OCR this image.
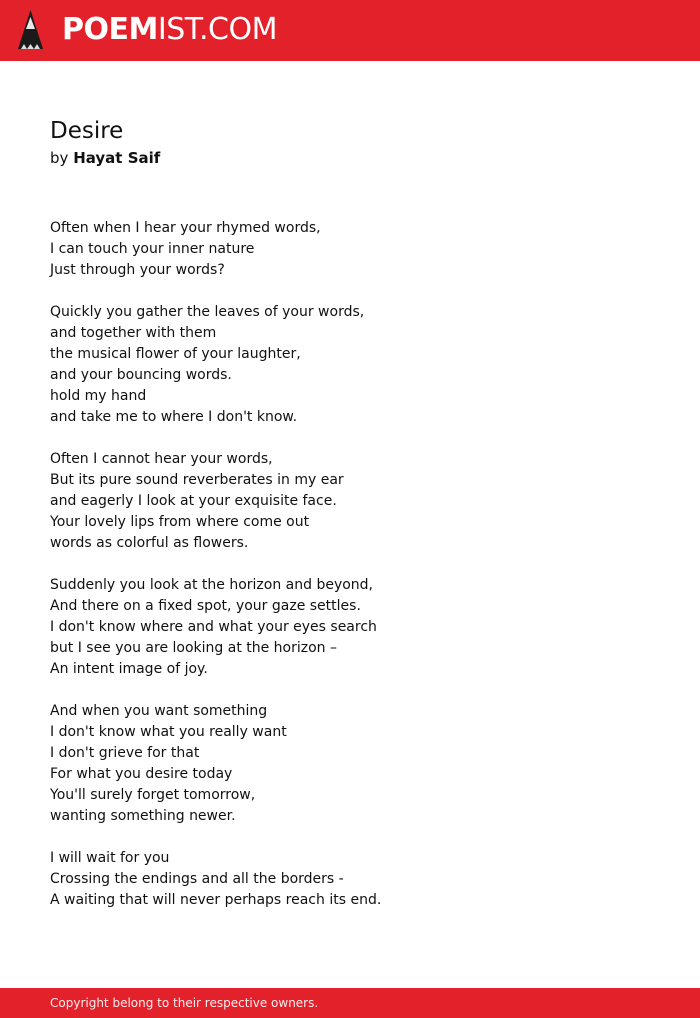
POEMIST.COM
Desire
by Hayat Saif
Often when I hear your rhymed words,
I can touch your inner nature
Just through your words?
Quickly you gather the leaves of your words,
and together with them
the musical flower of your laughter,
and your bouncing words.
hold my hand
and take me to where I don't know.
Often I cannot hear your words,
But its pure sound reverberates in my ear
and eagerly I look at your exquisite face.
Your lovely lips from where come out
words as colorful as flowers.
Suddenly you look at the horizon and beyond,
And there on a fixed spot, your gaze settles.
I don't know where and what your eyes search
but I see you are looking at the horizon –
An intent image of joy.
And when you want something
I don't know what you really want
I don't grieve for that
For what you desire today
You'll surely forget tomorrow,
wanting something newer.
I will wait for you
Crossing the endings and all the borders -
A waiting that will never perhaps reach its end.
Copyright belong to their respective owners.
